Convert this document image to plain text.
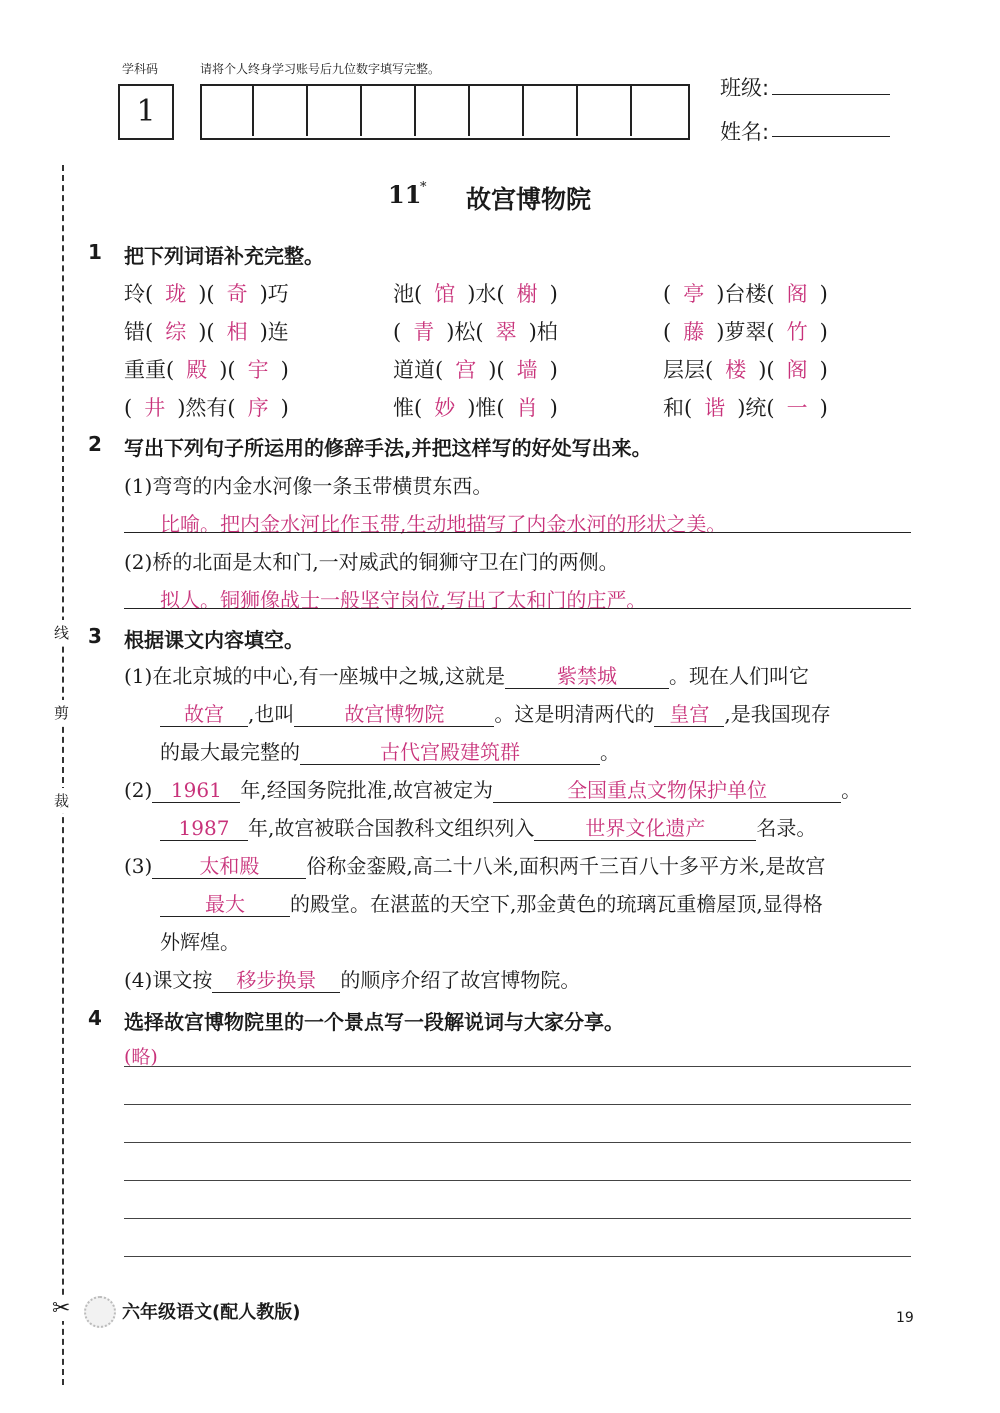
学科码	请将个人终身学习账号后九位数字填写完整。
1
班级:
姓名:
线
剪
裁
✂
11
* 故宫博物院
1 把下列词语补充完整。
玲( 珑 )( 奇 )巧	池( 馆 )水( 榭 )	( 亭 )台楼( 阁 )
错( 综 )( 相 )连	( 青 )松( 翠 )柏	( 藤 )萝翠( 竹 )
重重( 殿 )( 宇 )	道道( 宫 )( 墙 )	层层( 楼 )( 阁 )
( 井 )然有( 序 )	惟( 妙 )惟( 肖 )	和( 谐 )统( 一 )
2 写出下列句子所运用的修辞手法,并把这样写的好处写出来。
(1)弯弯的内金水河像一条玉带横贯东西。
比喻。把内金水河比作玉带,生动地描写了内金水河的形状之美。
(2)桥的北面是太和门,一对威武的铜狮守卫在门的两侧。
拟人。铜狮像战士一般坚守岗位,写出了太和门的庄严。
3 根据课文内容填空。
(1)在北京城的中心,有一座城中之城,这就是	紫禁城	。现在人们叫它
故宫 ,也叫	故宫博物院	。这是明清两代的 皇宫 ,是我国现存
的最大最完整的	古代宫殿建筑群	。
(2) 1961 年,经国务院批准,故宫被定为	全国重点文物保护单位	。
1987 年,故宫被联合国教科文组织列入	世界文化遗产	名录。
(3) 太和殿 俗称金銮殿,高二十八米,面积两千三百八十多平方米,是故宫
最大 的殿堂。在湛蓝的天空下,那金黄色的琉璃瓦重檐屋顶,显得格
外辉煌。
(4)课文按 移步换景 的顺序介绍了故宫博物院。
4 选择故宫博物院里的一个景点写一段解说词与大家分享。
(略)
六年级语文(配人教版)	19
